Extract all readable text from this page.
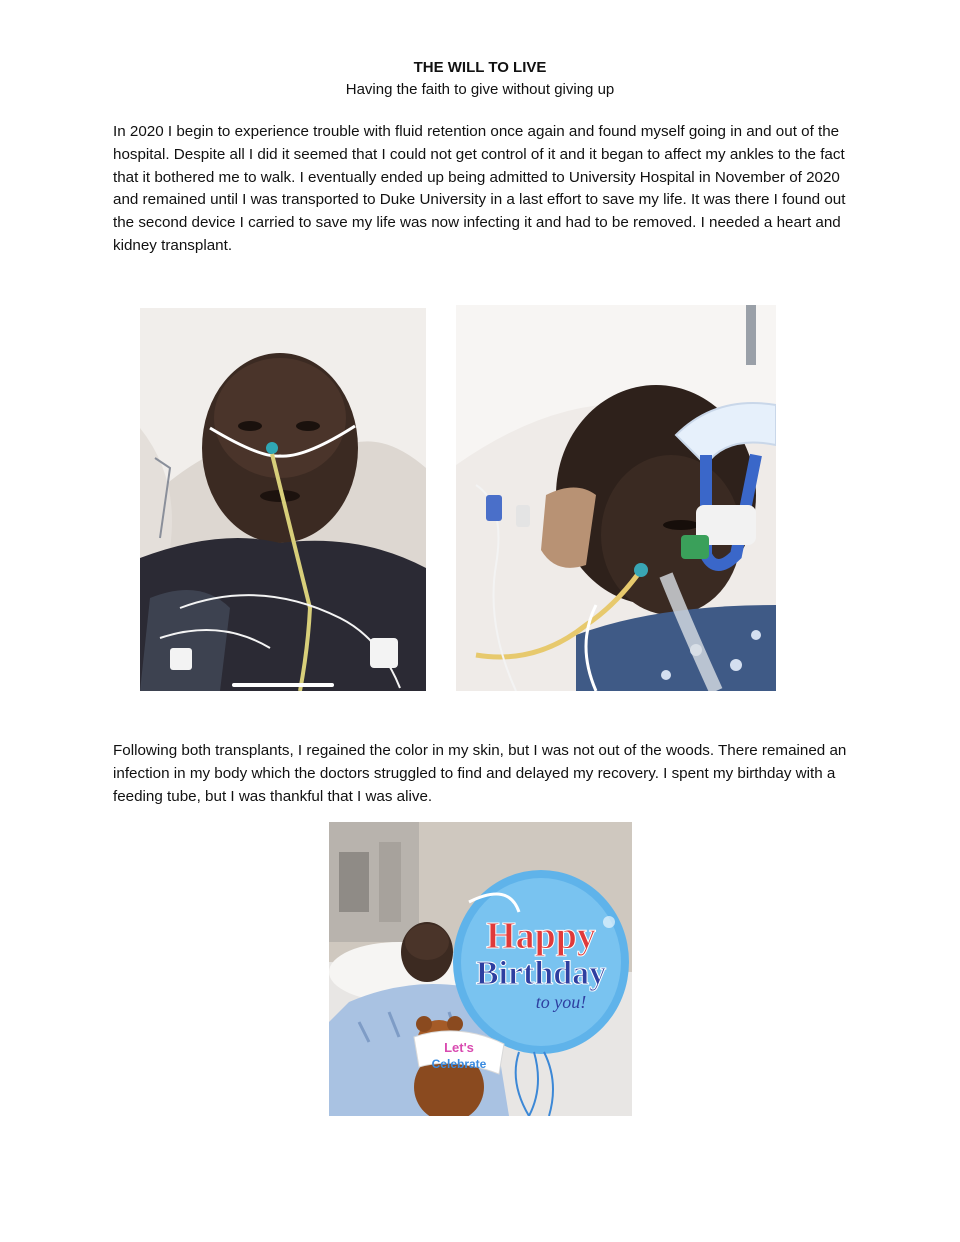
THE WILL TO LIVE
Having the faith to give without giving up

In 2020 I begin to experience trouble with fluid retention once again and found myself going in and out of the hospital. Despite all I did it seemed that I could not get control of it and it began to affect my ankles to the fact that it bothered me to walk. I eventually ended up being admitted to University Hospital in November of 2020 and remained until I was transported to Duke University in a last effort to save my life. It was there I found out the second device I carried to save my life was now infecting it and had to be removed. I needed a heart and kidney transplant.

Following both transplants, I regained the color in my skin, but I was not out of the woods. There remained an infection in my body which the doctors struggled to find and delayed my recovery. I spent my birthday with a feeding tube, but I was thankful that I was alive.

Happy
Birthday
to you!
Let's
Celebrate
